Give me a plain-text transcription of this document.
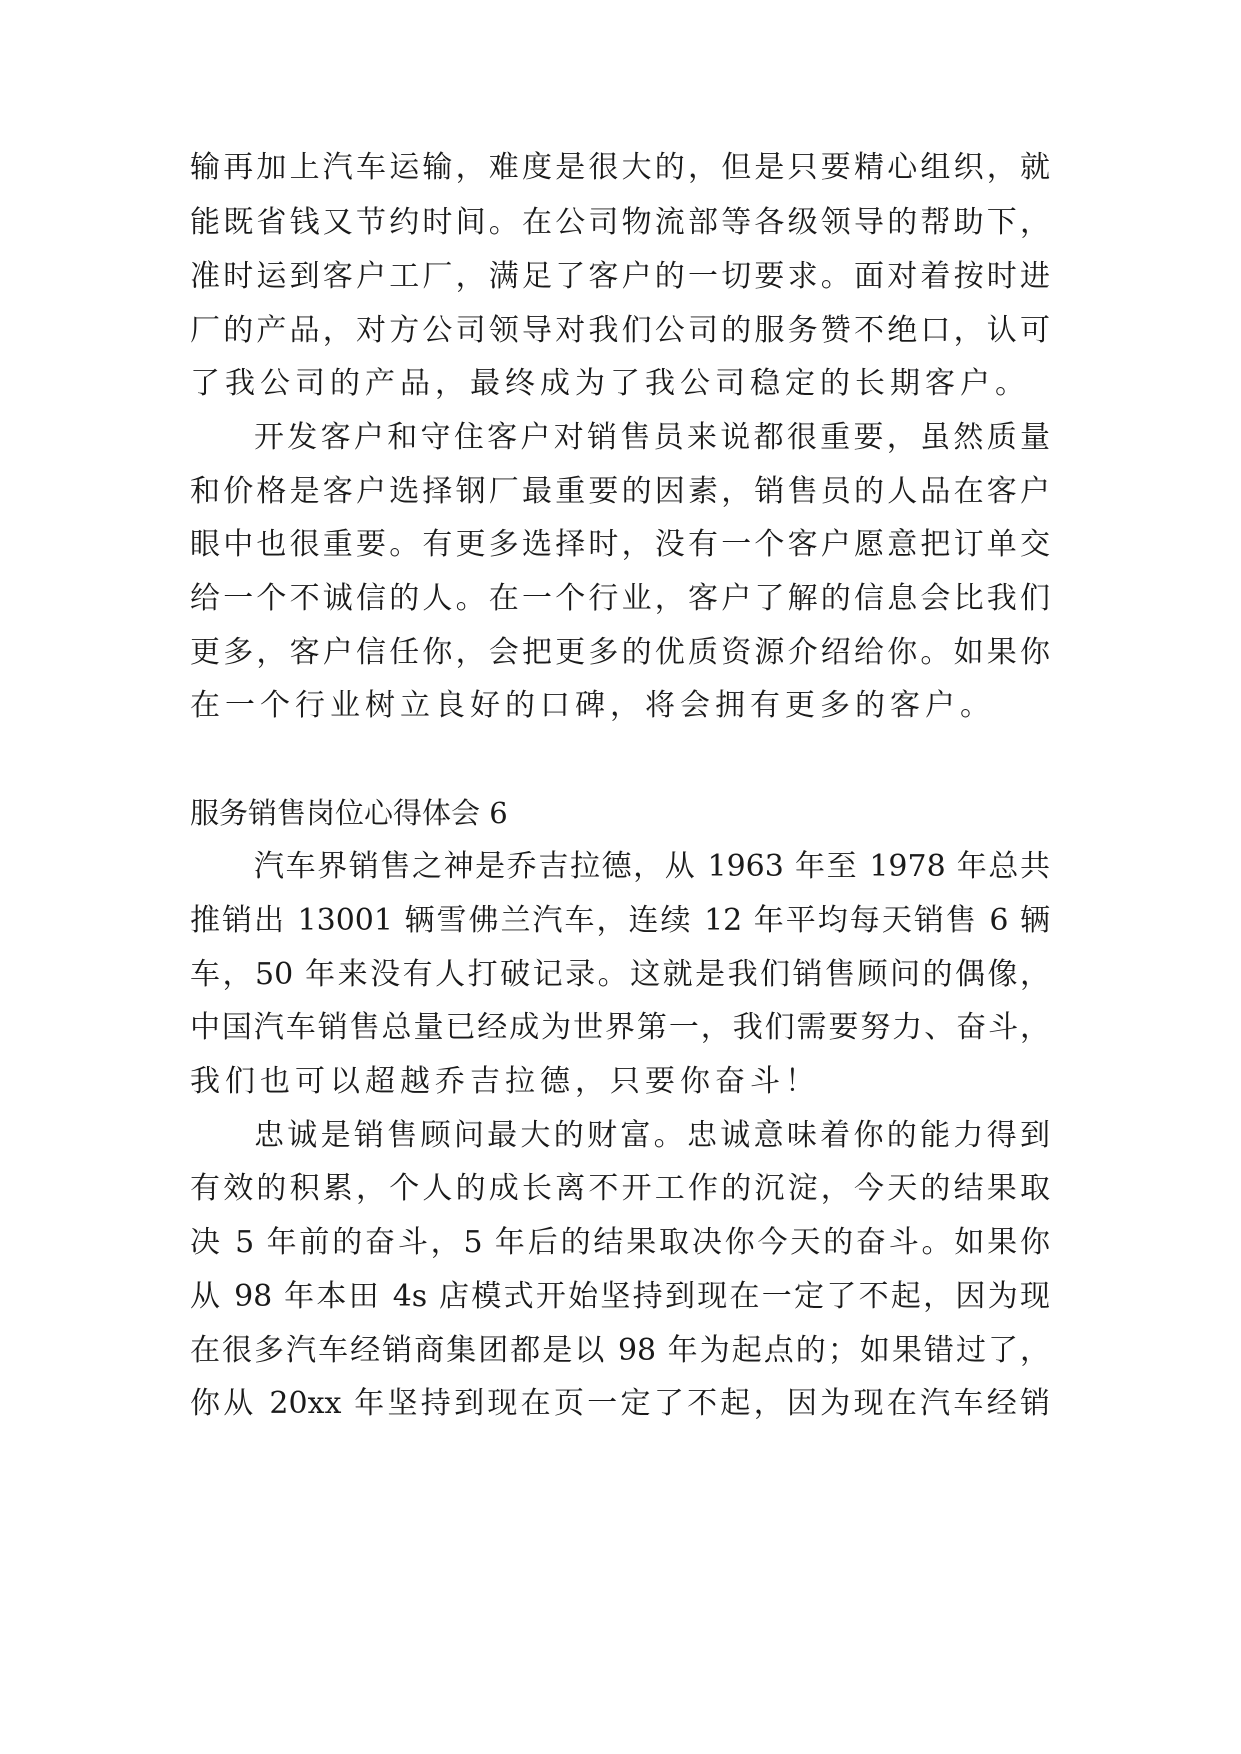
输再加上汽车运输，难度是很大的，但是只要精心组织，就
能既省钱又节约时间。在公司物流部等各级领导的帮助下，
准时运到客户工厂，满足了客户的一切要求。面对着按时进
厂的产品，对方公司领导对我们公司的服务赞不绝口，认可
了我公司的产品，最终成为了我公司稳定的长期客户。
开发客户和守住客户对销售员来说都很重要，虽然质量
和价格是客户选择钢厂最重要的因素，销售员的人品在客户
眼中也很重要。有更多选择时，没有一个客户愿意把订单交
给一个不诚信的人。在一个行业，客户了解的信息会比我们
更多，客户信任你，会把更多的优质资源介绍给你。如果你
在一个行业树立良好的口碑，将会拥有更多的客户。
服务销售岗位心得体会 6
汽车界销售之神是乔吉拉德，从 1963 年至 1978 年总共
推销出 13001 辆雪佛兰汽车，连续 12 年平均每天销售 6 辆
车，50 年来没有人打破记录。这就是我们销售顾问的偶像，
中国汽车销售总量已经成为世界第一，我们需要努力、奋斗，
我们也可以超越乔吉拉德，只要你奋斗！
忠诚是销售顾问最大的财富。忠诚意味着你的能力得到
有效的积累，个人的成长离不开工作的沉淀，今天的结果取
决 5 年前的奋斗，5 年后的结果取决你今天的奋斗。如果你
从 98 年本田 4s 店模式开始坚持到现在一定了不起，因为现
在很多汽车经销商集团都是以 98 年为起点的；如果错过了，
你从 20xx 年坚持到现在页一定了不起，因为现在汽车经销
